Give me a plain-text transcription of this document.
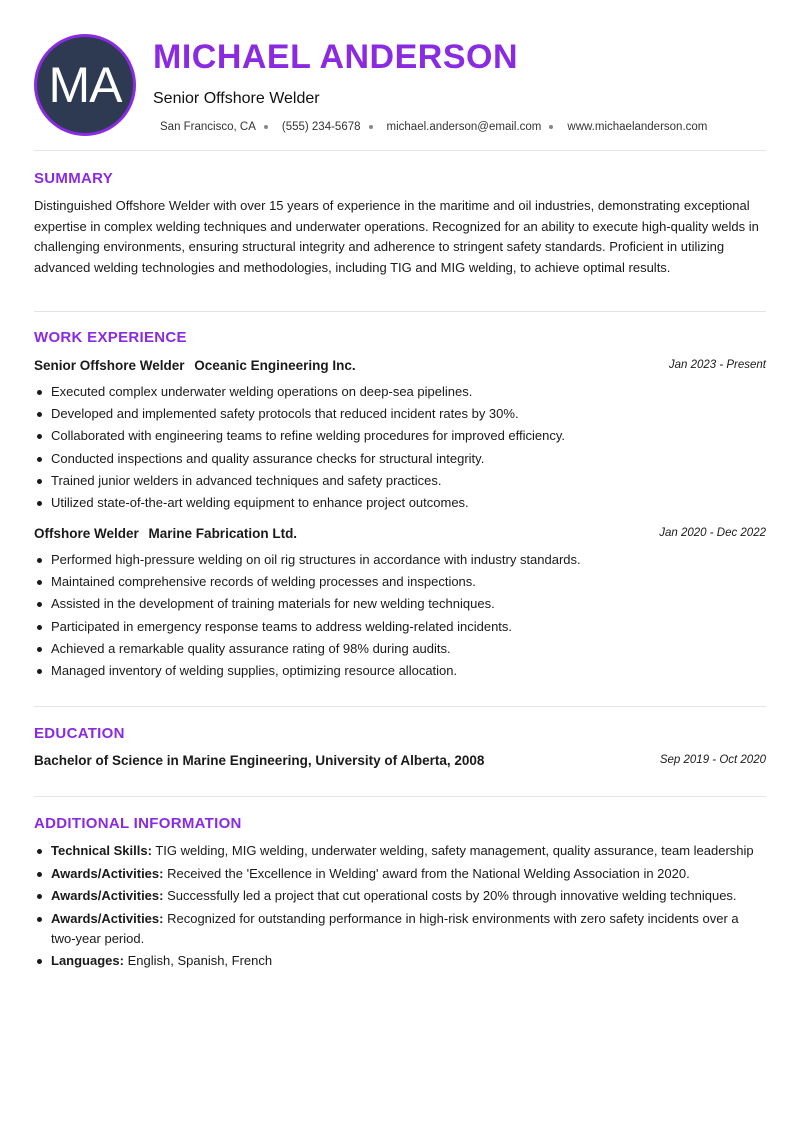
MA MICHAEL ANDERSON
Senior Offshore Welder
San Francisco, CA (555) 234-5678 michael.anderson@email.com www.michaelanderson.com
SUMMARY

Distinguished Offshore Welder with over 15 years of experience in the maritime and oil industries, demonstrating exceptional expertise in complex welding techniques and underwater operations. Recognized for an ability to execute high-quality welds in challenging environments, ensuring structural integrity and adherence to stringent safety standards. Proficient in utilizing advanced welding technologies and methodologies, including TIG and MIG welding, to achieve optimal results.

WORK EXPERIENCE
Senior Offshore Welder Oceanic Engineering Inc.	Jan 2023 - Present
Executed complex underwater welding operations on deep-sea pipelines.
Developed and implemented safety protocols that reduced incident rates by 30%.
Collaborated with engineering teams to refine welding procedures for improved efficiency.
Conducted inspections and quality assurance checks for structural integrity.
Trained junior welders in advanced techniques and safety practices.
Utilized state-of-the-art welding equipment to enhance project outcomes.
Offshore Welder Marine Fabrication Ltd.	Jan 2020 - Dec 2022
Performed high-pressure welding on oil rig structures in accordance with industry standards.
Maintained comprehensive records of welding processes and inspections.
Assisted in the development of training materials for new welding techniques.
Participated in emergency response teams to address welding-related incidents.
Achieved a remarkable quality assurance rating of 98% during audits.
Managed inventory of welding supplies, optimizing resource allocation.
EDUCATION
Bachelor of Science in Marine Engineering, University of Alberta, 2008	Sep 2019 - Oct 2020
ADDITIONAL INFORMATION
Technical Skills: TIG welding, MIG welding, underwater welding, safety management, quality assurance, team leadership
Awards/Activities: Received the 'Excellence in Welding' award from the National Welding Association in 2020.
Awards/Activities: Successfully led a project that cut operational costs by 20% through innovative welding techniques.
Awards/Activities: Recognized for outstanding performance in high-risk environments with zero safety incidents over a two-year period.
Languages: English, Spanish, French
